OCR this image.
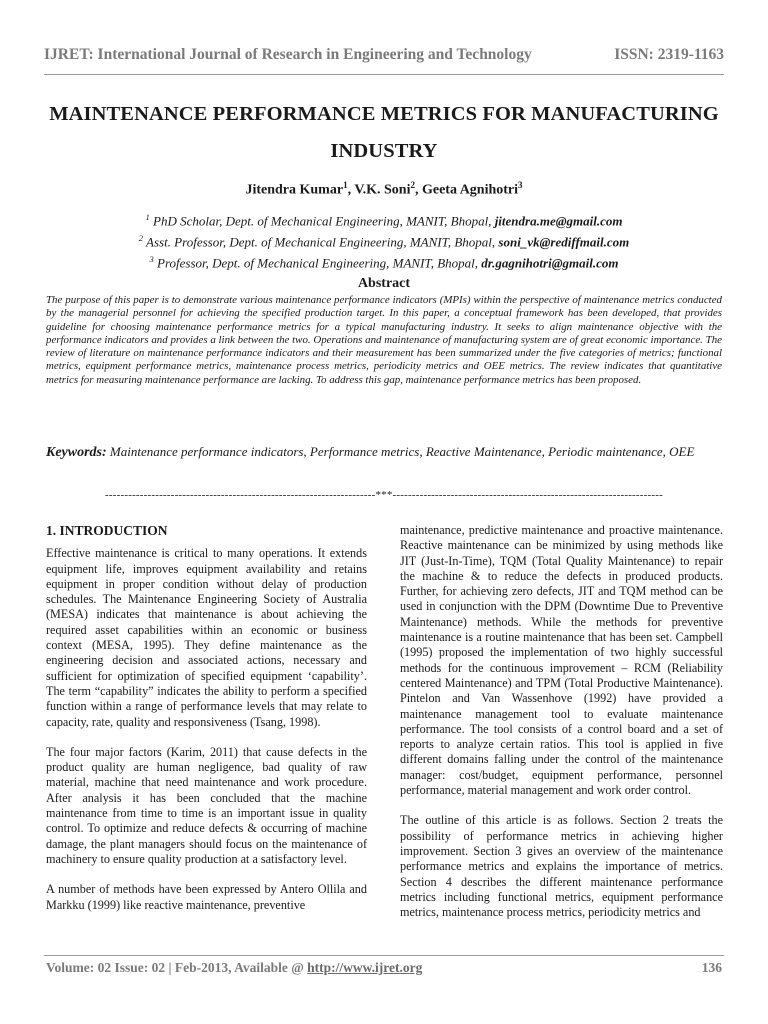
IJRET: International Journal of Research in Engineering and Technology	ISSN: 2319-1163
MAINTENANCE PERFORMANCE METRICS FOR MANUFACTURING
INDUSTRY
Jitendra Kumar$^1$, V.K. Soni$^2$, Geeta Agnihotri$^3$
$^1$ PhD Scholar, Dept. of Mechanical Engineering, MANIT, Bhopal, jitendra.me@gmail.com
$^2$ Asst. Professor, Dept. of Mechanical Engineering, MANIT, Bhopal, soni_vk@rediffmail.com
$^3$ Professor, Dept. of Mechanical Engineering, MANIT, Bhopal, dr.gagnihotri@gmail.com
Abstract
The purpose of this paper is to demonstrate various maintenance performance indicators (MPIs) within the perspective of maintenance metrics conducted by the managerial personnel for achieving the specified production target. In this paper, a conceptual framework has been developed, that provides guideline for choosing maintenance performance metrics for a typical manufacturing industry. It seeks to align maintenance objective with the performance indicators and provides a link between the two. Operations and maintenance of manufacturing system are of great economic importance. The review of literature on maintenance performance indicators and their measurement has been summarized under the five categories of metrics; functional metrics, equipment performance metrics, maintenance process metrics, periodicity metrics and OEE metrics. The review indicates that quantitative metrics for measuring maintenance performance are lacking. To address this gap, maintenance performance metrics has been proposed.
Keywords: Maintenance performance indicators, Performance metrics, Reactive Maintenance, Periodic maintenance, OEE
----------------------------------------------------------------------***----------------------------------------------------------------------
1. INTRODUCTION

Effective maintenance is critical to many operations. It extends equipment life, improves equipment availability and retains equipment in proper condition without delay of production schedules. The Maintenance Engineering Society of Australia (MESA) indicates that maintenance is about achieving the required asset capabilities within an economic or business context (MESA, 1995). They define maintenance as the engineering decision and associated actions, necessary and sufficient for optimization of specified equipment ‘capability’. The term “capability” indicates the ability to perform a specified function within a range of performance levels that may relate to capacity, rate, quality and responsiveness (Tsang, 1998).

The four major factors (Karim, 2011) that cause defects in the product quality are human negligence, bad quality of raw material, machine that need maintenance and work procedure. After analysis it has been concluded that the machine maintenance from time to time is an important issue in quality control. To optimize and reduce defects & occurring of machine damage, the plant managers should focus on the maintenance of machinery to ensure quality production at a satisfactory level.

A number of methods have been expressed by Antero Ollila and Markku (1999) like reactive maintenance, preventive

maintenance, predictive maintenance and proactive maintenance. Reactive maintenance can be minimized by using methods like JIT (Just-In-Time), TQM (Total Quality Maintenance) to repair the machine & to reduce the defects in produced products. Further, for achieving zero defects, JIT and TQM method can be used in conjunction with the DPM (Downtime Due to Preventive Maintenance) methods. While the methods for preventive maintenance is a routine maintenance that has been set. Campbell (1995) proposed the implementation of two highly successful methods for the continuous improvement – RCM (Reliability centered Maintenance) and TPM (Total Productive Maintenance). Pintelon and Van Wassenhove (1992) have provided a maintenance management tool to evaluate maintenance performance. The tool consists of a control board and a set of reports to analyze certain ratios. This tool is applied in five different domains falling under the control of the maintenance manager: cost/budget, equipment performance, personnel performance, material management and work order control.

The outline of this article is as follows. Section 2 treats the possibility of performance metrics in achieving higher improvement. Section 3 gives an overview of the maintenance performance metrics and explains the importance of metrics. Section 4 describes the different maintenance performance metrics including functional metrics, equipment performance metrics, maintenance process metrics, periodicity metrics and

Volume: 02 Issue: 02 | Feb-2013, Available @ http://www.ijret.org	136
